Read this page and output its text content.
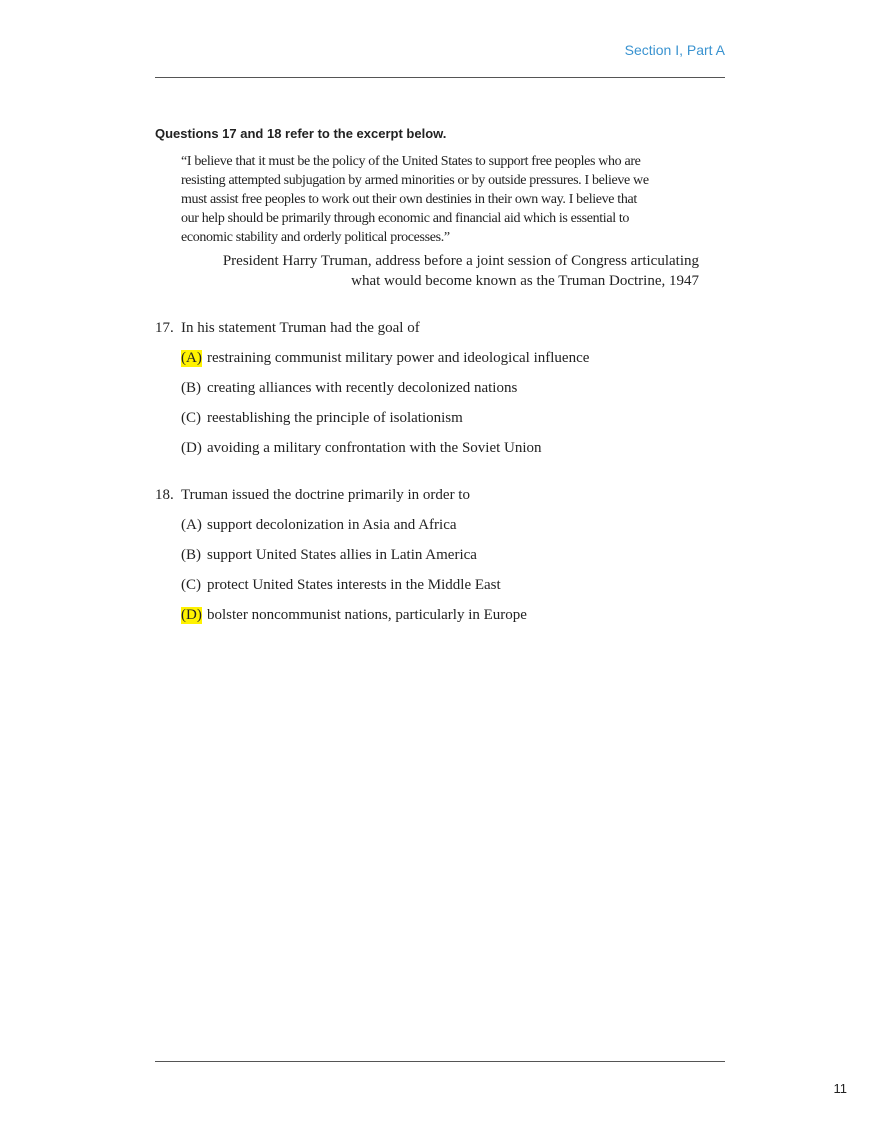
Section I, Part A
Questions 17 and 18 refer to the excerpt below.
“I believe that it must be the policy of the United States to support free peoples who are
resisting attempted subjugation by armed minorities or by outside pressures. I believe we
must assist free peoples to work out their own destinies in their own way. I believe that
our help should be primarily through economic and financial aid which is essential to
economic stability and orderly political processes.”
President Harry Truman, address before a joint session of Congress articulating
what would become known as the Truman Doctrine, 1947
17. In his statement Truman had the goal of
(A) restraining communist military power and ideological influence
(B) creating alliances with recently decolonized nations
(C) reestablishing the principle of isolationism
(D) avoiding a military confrontation with the Soviet Union
18. Truman issued the doctrine primarily in order to
(A) support decolonization in Asia and Africa
(B) support United States allies in Latin America
(C) protect United States interests in the Middle East
(D) bolster noncommunist nations, particularly in Europe
11
